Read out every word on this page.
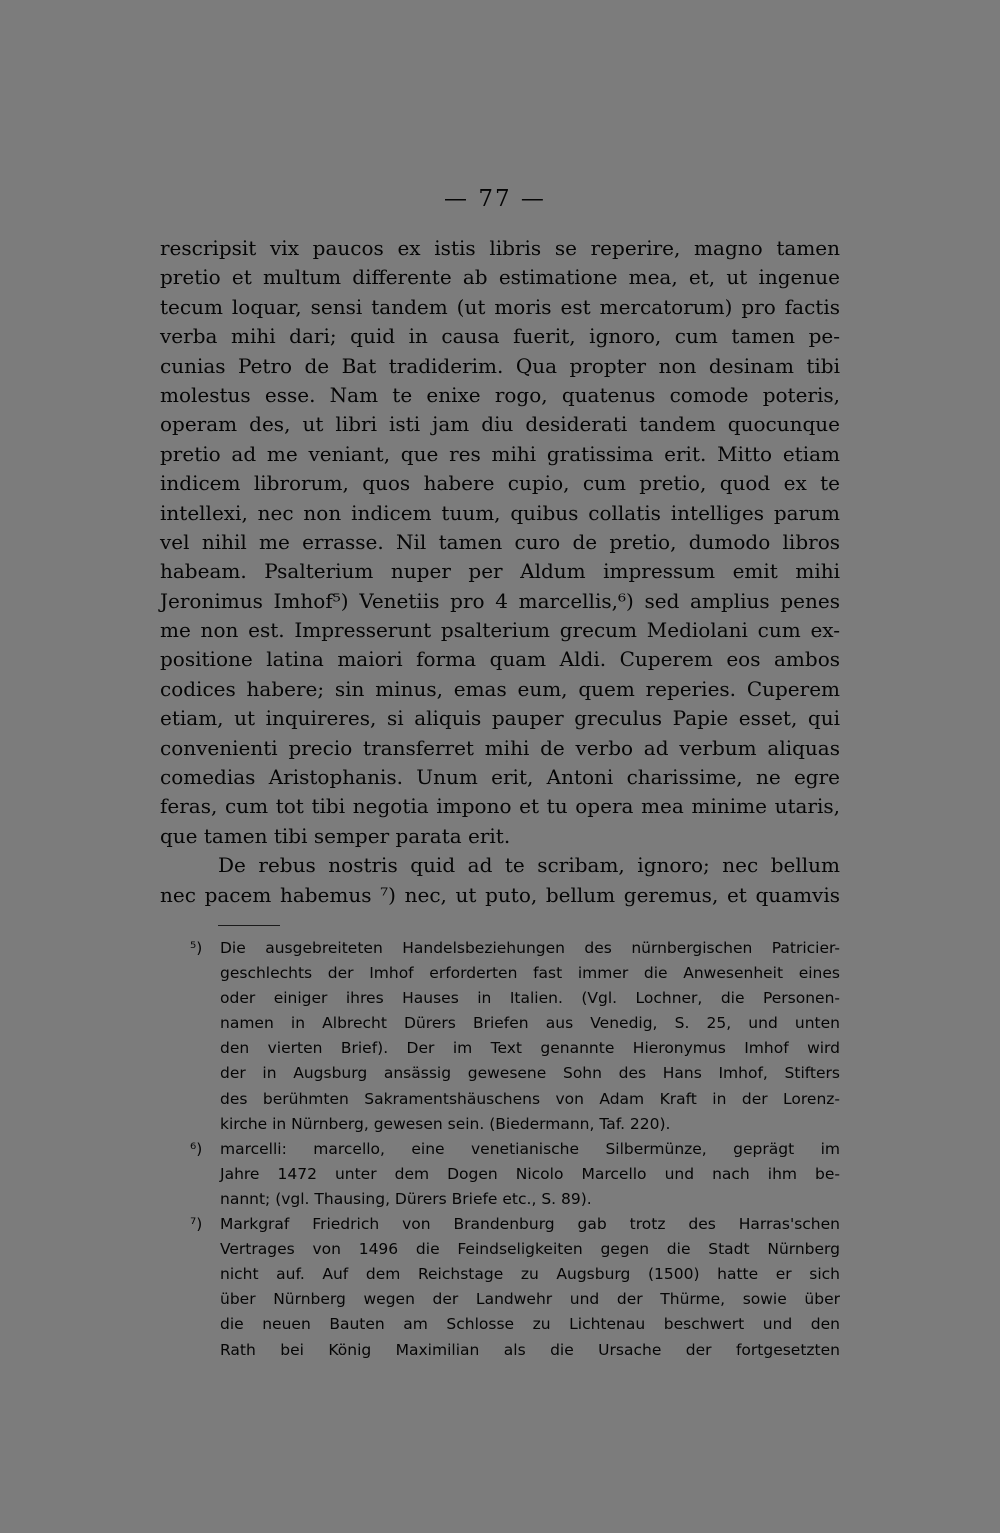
— 77 —
rescripsit vix paucos ex istis libris se reperire, magno tamen
pretio et multum differente ab estimatione mea, et, ut ingenue
tecum loquar, sensi tandem (ut moris est mercatorum) pro factis
verba mihi dari; quid in causa fuerit, ignoro, cum tamen pe-
cunias Petro de Bat tradiderim. Qua propter non desinam tibi
molestus esse. Nam te enixe rogo, quatenus comode poteris,
operam des, ut libri isti jam diu desiderati tandem quocunque
pretio ad me veniant, que res mihi gratissima erit. Mitto etiam
indicem librorum, quos habere cupio, cum pretio, quod ex te
intellexi, nec non indicem tuum, quibus collatis intelliges parum
vel nihil me errasse. Nil tamen curo de pretio, dumodo libros
habeam. Psalterium nuper per Aldum impressum emit mihi
Jeronimus Imhof⁵) Venetiis pro 4 marcellis,⁶) sed amplius penes
me non est. Impresserunt psalterium grecum Mediolani cum ex-
positione latina maiori forma quam Aldi. Cuperem eos ambos
codices habere; sin minus, emas eum, quem reperies. Cuperem
etiam, ut inquireres, si aliquis pauper greculus Papie esset, qui
convenienti precio transferret mihi de verbo ad verbum aliquas
comedias Aristophanis. Unum erit, Antoni charissime, ne egre
feras, cum tot tibi negotia impono et tu opera mea minime utaris,
que tamen tibi semper parata erit.
De rebus nostris quid ad te scribam, ignoro; nec bellum
nec pacem habemus ⁷) nec, ut puto, bellum geremus, et quamvis
⁵) Die ausgebreiteten Handelsbeziehungen des nürnbergischen Patricier-
geschlechts der Imhof erforderten fast immer die Anwesenheit eines
oder einiger ihres Hauses in Italien. (Vgl. Lochner, die Personen-
namen in Albrecht Dürers Briefen aus Venedig, S. 25, und unten
den vierten Brief). Der im Text genannte Hieronymus Imhof wird
der in Augsburg ansässig gewesene Sohn des Hans Imhof, Stifters
des berühmten Sakramentshäuschens von Adam Kraft in der Lorenz-
kirche in Nürnberg, gewesen sein. (Biedermann, Taf. 220).
⁶) marcelli: marcello, eine venetianische Silbermünze, geprägt im
Jahre 1472 unter dem Dogen Nicolo Marcello und nach ihm be-
nannt; (vgl. Thausing, Dürers Briefe etc., S. 89).
⁷) Markgraf Friedrich von Brandenburg gab trotz des Harras'schen
Vertrages von 1496 die Feindseligkeiten gegen die Stadt Nürnberg
nicht auf. Auf dem Reichstage zu Augsburg (1500) hatte er sich
über Nürnberg wegen der Landwehr und der Thürme, sowie über
die neuen Bauten am Schlosse zu Lichtenau beschwert und den
Rath bei König Maximilian als die Ursache der fortgesetzten
